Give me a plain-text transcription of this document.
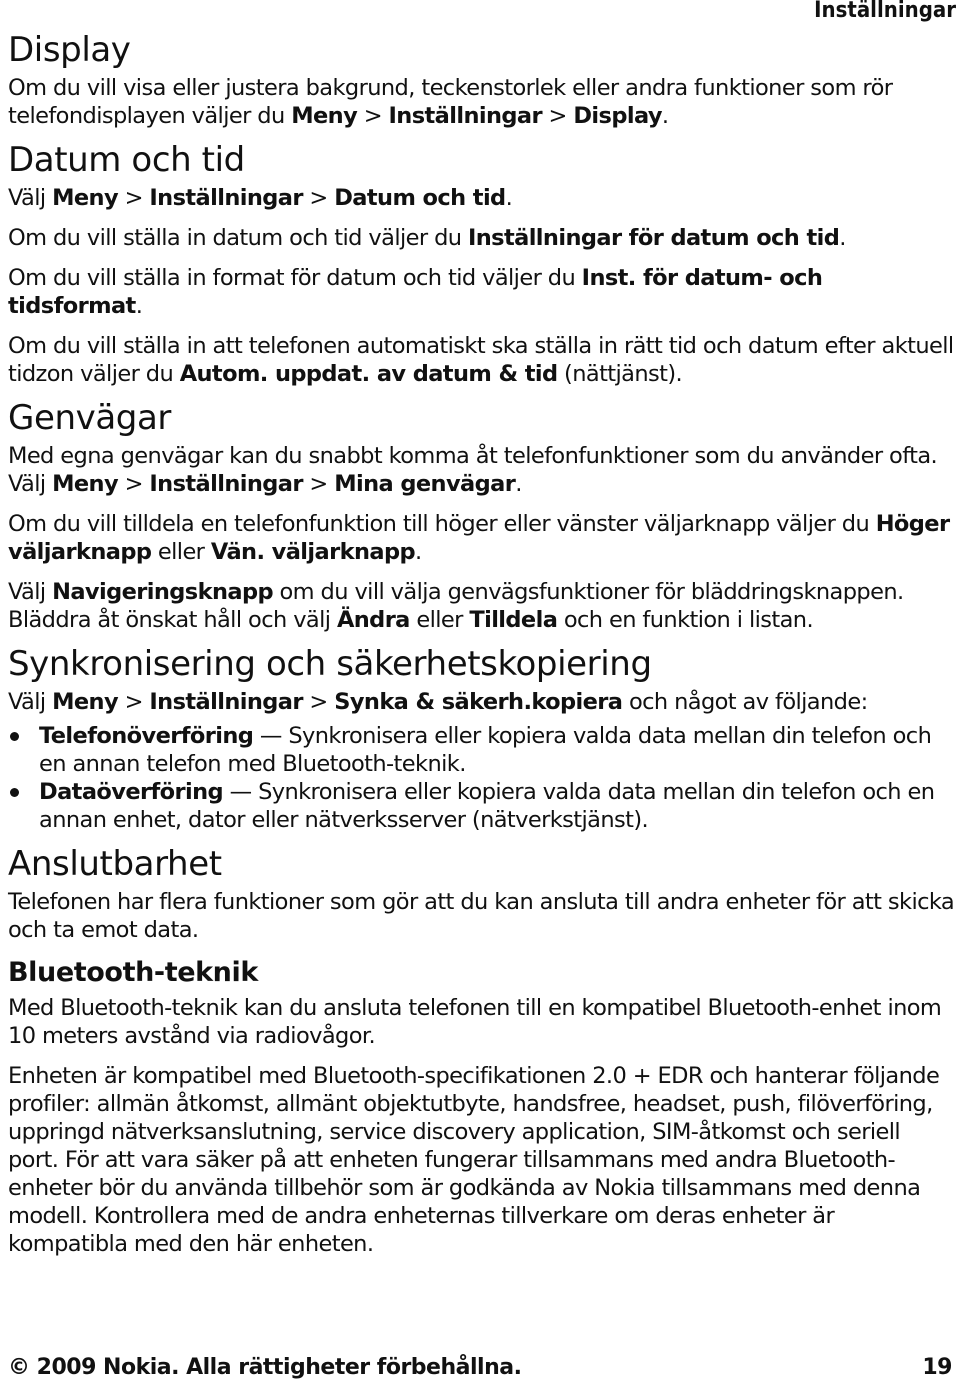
Inställningar
Display

Om du vill visa eller justera bakgrund, teckenstorlek eller andra funktioner som rör telefondisplayen väljer du Meny > Inställningar > Display.

Datum och tid

Välj Meny > Inställningar > Datum och tid.

Om du vill ställa in datum och tid väljer du Inställningar för datum och tid.

Om du vill ställa in format för datum och tid väljer du Inst. för datum- och tidsformat.

Om du vill ställa in att telefonen automatiskt ska ställa in rätt tid och datum efter aktuell tidzon väljer du Autom. uppdat. av datum & tid (nättjänst).

Genvägar

Med egna genvägar kan du snabbt komma åt telefonfunktioner som du använder ofta. Välj Meny > Inställningar > Mina genvägar.

Om du vill tilldela en telefonfunktion till höger eller vänster väljarknapp väljer du Höger väljarknapp eller Vän. väljarknapp.

Välj Navigeringsknapp om du vill välja genvägsfunktioner för bläddringsknappen. Bläddra åt önskat håll och välj Ändra eller Tilldela och en funktion i listan.

Synkronisering och säkerhetskopiering

Välj Meny > Inställningar > Synka & säkerh.kopiera och något av följande:

Telefonöverföring — Synkronisera eller kopiera valda data mellan din telefon och en annan telefon med Bluetooth-teknik.
Dataöverföring — Synkronisera eller kopiera valda data mellan din telefon och en annan enhet, dator eller nätverksserver (nätverkstjänst).
Anslutbarhet

Telefonen har flera funktioner som gör att du kan ansluta till andra enheter för att skicka och ta emot data.

Bluetooth-teknik

Med Bluetooth-teknik kan du ansluta telefonen till en kompatibel Bluetooth-enhet inom 10 meters avstånd via radiovågor.

Enheten är kompatibel med Bluetooth-specifikationen 2.0 + EDR och hanterar följande profiler: allmän åtkomst, allmänt objektutbyte, handsfree, headset, push, filöverföring, uppringd nätverksanslutning, service discovery application, SIM-åtkomst och seriell port. För att vara säker på att enheten fungerar tillsammans med andra Bluetooth-enheter bör du använda tillbehör som är godkända av Nokia tillsammans med denna modell. Kontrollera med de andra enheternas tillverkare om deras enheter är kompatibla med den här enheten.

© 2009 Nokia. Alla rättigheter förbehållna.	19
